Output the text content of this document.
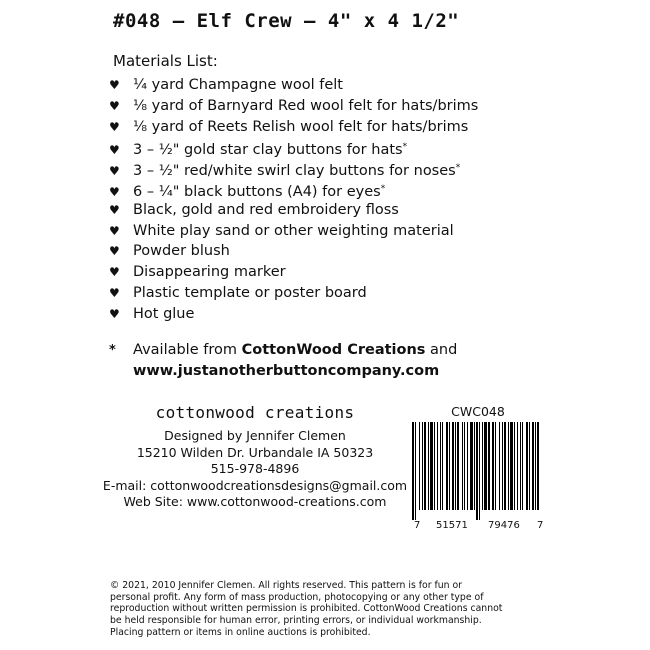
#048 – Elf Crew – 4" x 4 1/2"
Materials List:
♥ ¼ yard Champagne wool felt
♥ ⅛ yard of Barnyard Red wool felt for hats/brims
♥ ⅛ yard of Reets Relish wool felt for hats/brims
♥ 3 – ½" gold star clay buttons for hats*
♥ 3 – ½" red/white swirl clay buttons for noses*
♥ 6 – ¼" black buttons (A4) for eyes*
♥ Black, gold and red embroidery floss
♥ White play sand or other weighting material
♥ Powder blush
♥ Disappearing marker
♥ Plastic template or poster board
♥ Hot glue
* Available from CottonWood Creations and
www.justanotherbuttoncompany.com
cottonwood creations
Designed by Jennifer Clemen
15210 Wilden Dr. Urbandale IA 50323
515-978-4896
E-mail: cottonwoodcreationsdesigns@gmail.com
Web Site: www.cottonwood-creations.com
CWC048
7 51571 79476 7
© 2021, 2010 Jennifer Clemen. All rights reserved. This pattern is for fun or personal profit. Any form of mass production, photocopying or any other type of reproduction without written permission is prohibited. CottonWood Creations cannot be held responsible for human error, printing errors, or individual workmanship. Placing pattern or items in online auctions is prohibited.
